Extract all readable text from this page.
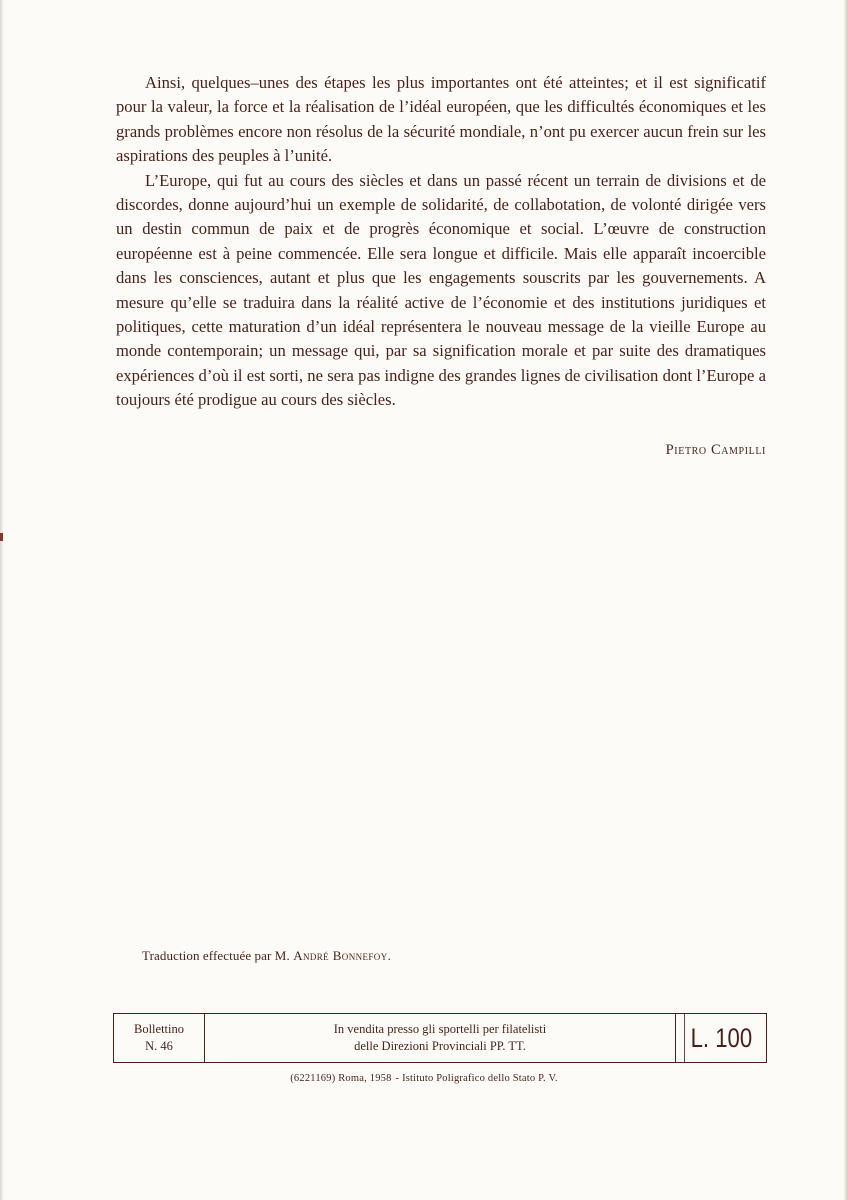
Ainsi, quelques–unes des étapes les plus importantes ont été atteintes; et il est significatif pour la valeur, la force et la réalisation de l’idéal européen, que les difficultés économiques et les grands problèmes encore non résolus de la sécurité mondiale, n’ont pu exercer aucun frein sur les aspirations des peuples à l’unité.

L’Europe, qui fut au cours des siècles et dans un passé récent un terrain de divisions et de discordes, donne aujourd’hui un exemple de solidarité, de collabotation, de volonté dirigée vers un destin commun de paix et de progrès économique et social. L’œuvre de construction européenne est à peine commencée. Elle sera longue et difficile. Mais elle apparaît incoercible dans les consciences, autant et plus que les engagements souscrits par les gouvernements. A mesure qu’elle se traduira dans la réalité active de l’économie et des institutions juridiques et politiques, cette maturation d’un idéal représentera le nouveau message de la vieille Europe au monde contemporain; un message qui, par sa signification morale et par suite des dramatiques expériences d’où il est sorti, ne sera pas indigne des grandes lignes de civilisation dont l’Europe a toujours été prodigue au cours des siècles.

Pietro Campilli
Traduction effectuée par M. André Bonnefoy.
Bollettino
N. 46
In vendita presso gli sportelli per filatelisti
delle Direzioni Provinciali PP. TT.	L. 100
(6221169) Roma, 1958 - Istituto Poligrafico dello Stato P. V.
